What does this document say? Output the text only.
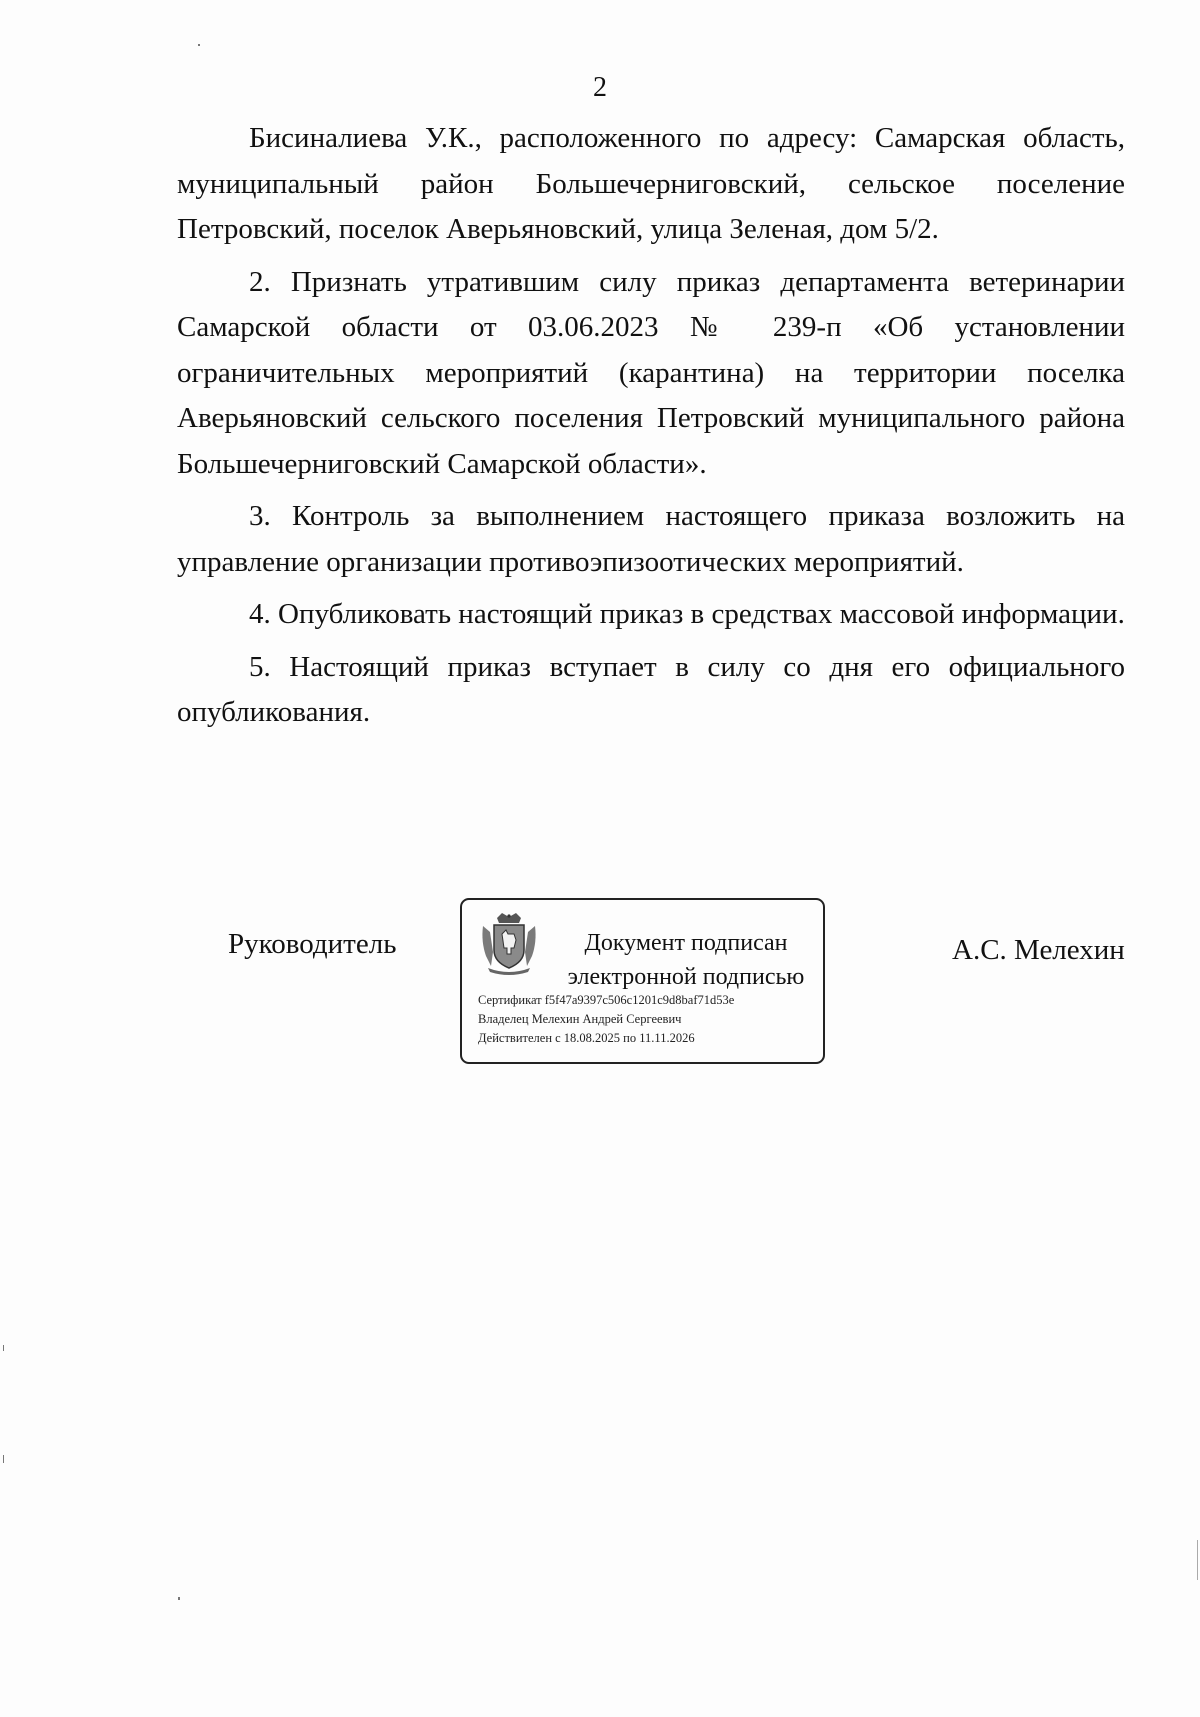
2

Бисиналиева У.К., расположенного по адресу: Самарская область, муниципальный район Большечерниговский, сельское поселение Петровский, поселок Аверьяновский, улица Зеленая, дом 5/2.

2. Признать утратившим силу приказ департамента ветеринарии Самарской области от 03.06.2023 № 239-п «Об установлении ограничительных мероприятий (карантина) на территории поселка Аверьяновский сельского поселения Петровский муниципального района Большечерниговский Самарской области».

3. Контроль за выполнением настоящего приказа возложить на управление организации противоэпизоотических мероприятий.

4. Опубликовать настоящий приказ в средствах массовой информации.

5. Настоящий приказ вступает в силу со дня его официального опубликования.

Руководитель	Документ подписан
электронной подписью
Сертификат f5f47a9397c506c1201c9d8baf71d53e
Владелец Мелехин Андрей Сергеевич
Действителен с 18.08.2025 по 11.11.2026
А.С. Мелехин
